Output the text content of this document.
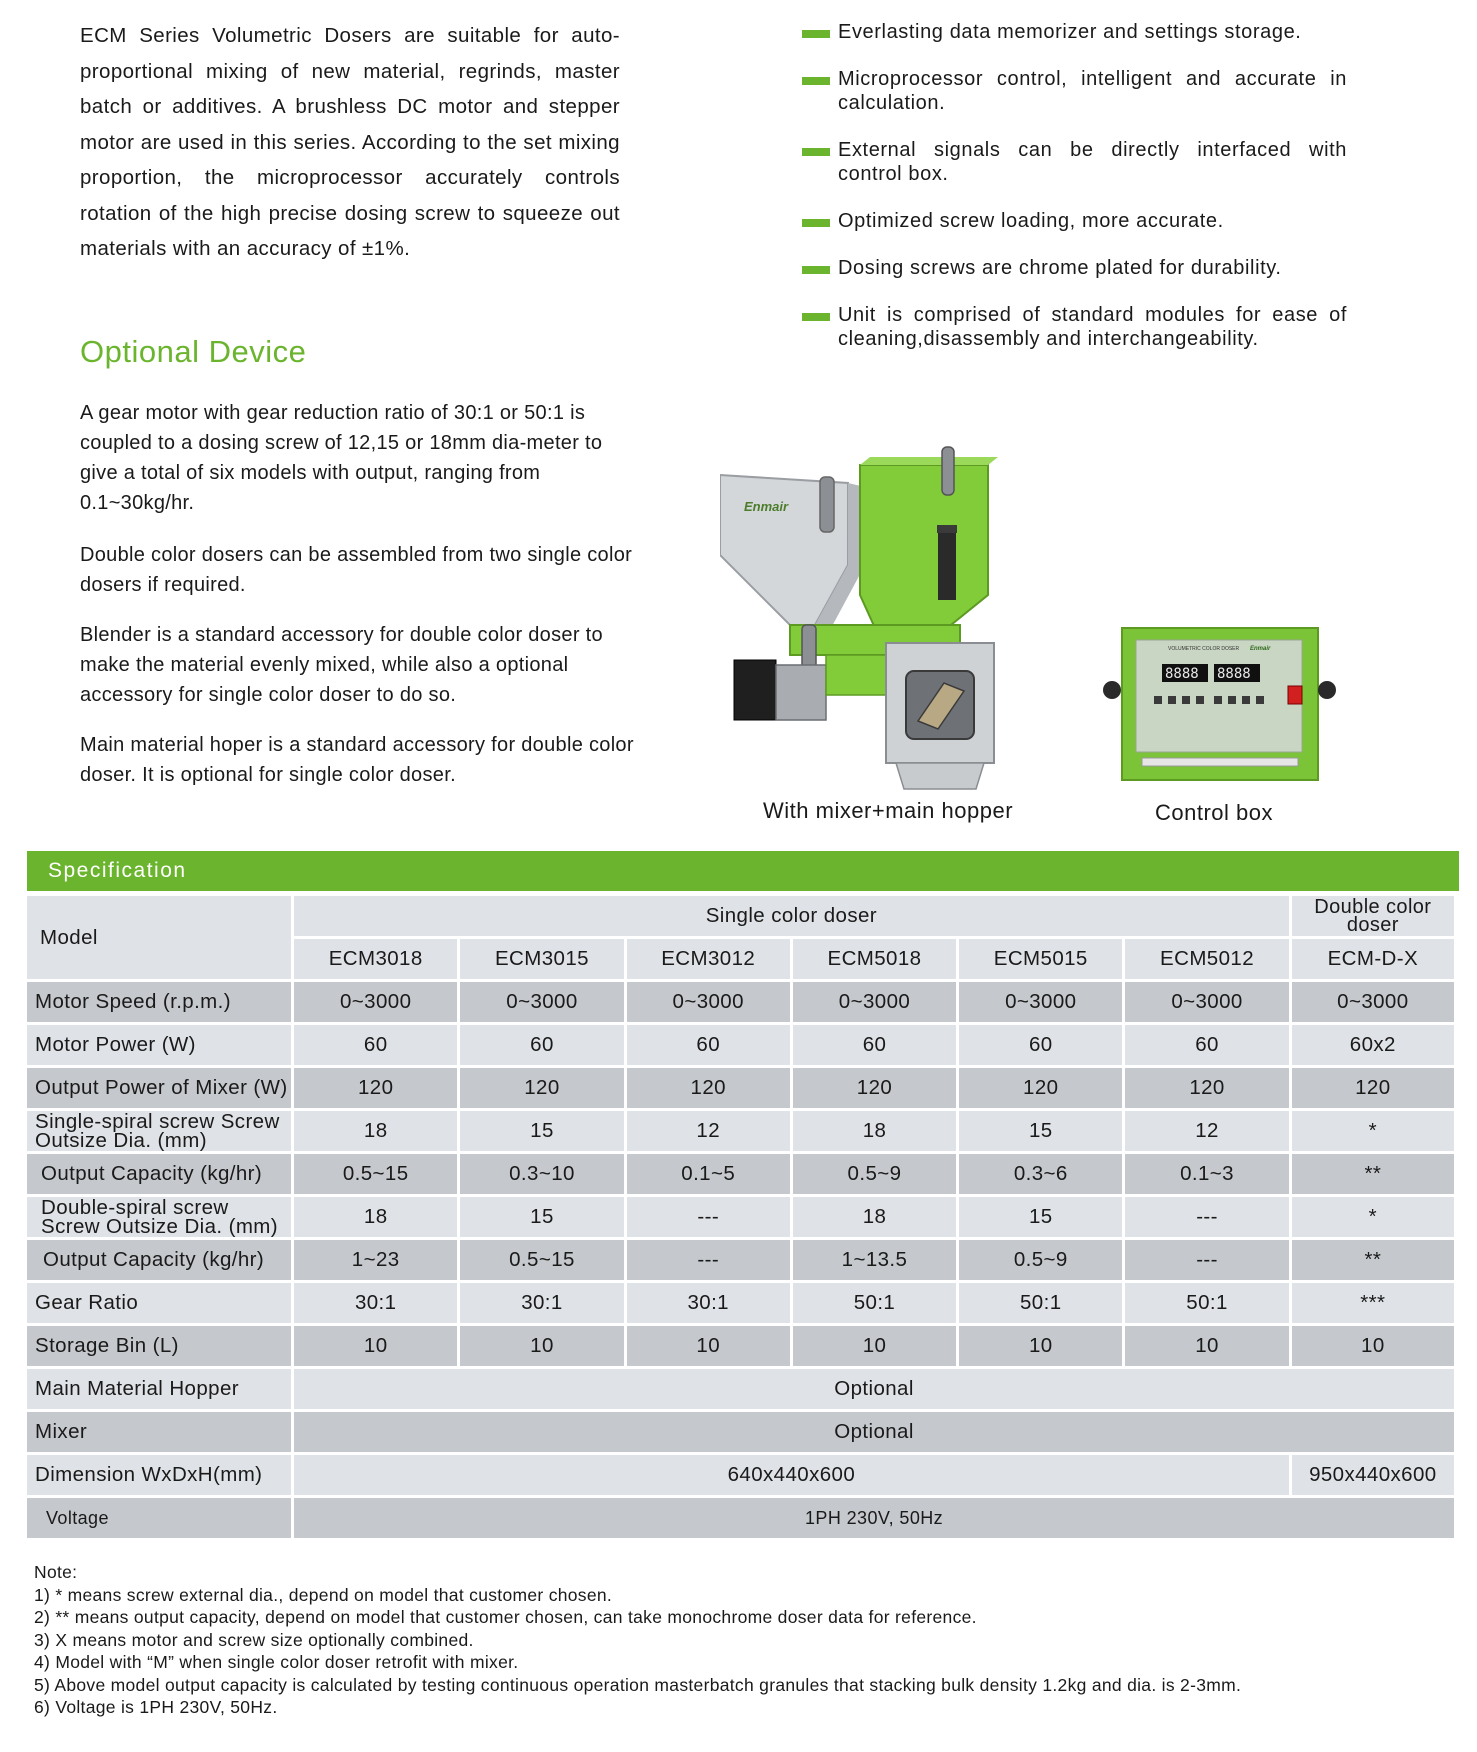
ECM Series Volumetric Dosers are suitable for auto-proportional mixing of new material, regrinds, master batch or additives. A brushless DC motor and stepper motor are used in this series. According to the set mixing proportion, the microprocessor accurately controls rotation of the high precise dosing screw to squeeze out materials with an accuracy of ±1%.
Optional Device
A gear motor with gear reduction ratio of 30:1 or 50:1 is coupled to a dosing screw of 12,15 or 18mm dia-meter to give a total of six models with output, ranging from 0.1~30kg/hr.
Double color dosers can be assembled from two single color dosers if required.
Blender is a standard accessory for double color doser to make the material evenly mixed, while also a optional accessory for single color doser to do so.
Main material hoper is a standard accessory for double color doser. It is optional for single color doser.
Everlasting data memorizer and settings storage.
Microprocessor control, intelligent and accurate in calculation.
External signals can be directly interfaced with control box.
Optimized screw loading, more accurate.
Dosing screws are chrome plated for durability.
Unit is comprised of standard modules for ease of cleaning,disassembly and interchangeability.
Enmair
With mixer+main hopper
VOLUMETRIC COLOR DOSER Enmair
8888 8888
Control box
Specification
Model	Single color doser						Double color doser
	ECM3018	ECM3015	ECM3012	ECM5018	ECM5015	ECM5012	ECM-D-X
Motor Speed (r.p.m.)	0~3000	0~3000	0~3000	0~3000	0~3000	0~3000	0~3000
Motor Power (W)	60	60	60	60	60	60	60x2
Output Power of Mixer (W)	120	120	120	120	120	120	120
Single-spiral screw Screw Outsize Dia. (mm)	18	15	12	18	15	12	*
Output Capacity (kg/hr)	0.5~15	0.3~10	0.1~5	0.5~9	0.3~6	0.1~3	**
Double-spiral screw Screw Outsize Dia. (mm)	18	15	---	18	15	---	*
Output Capacity (kg/hr)	1~23	0.5~15	---	1~13.5	0.5~9	---	**
Gear Ratio	30:1	30:1	30:1	50:1	50:1	50:1	***
Storage Bin (L)	10	10	10	10	10	10	10
Main Material Hopper	Optional						
Mixer	Optional						
Dimension WxDxH(mm)	640x440x600						950x440x600
Voltage	1PH 230V, 50Hz						
Note:
1) * means screw external dia., depend on model that customer chosen.
2) ** means output capacity, depend on model that customer chosen, can take monochrome doser data for reference.
3) X means motor and screw size optionally combined.
4) Model with “M” when single color doser retrofit with mixer.
5) Above model output capacity is calculated by testing continuous operation masterbatch granules that stacking bulk density 1.2kg and dia. is 2-3mm.
6) Voltage is 1PH 230V, 50Hz.
